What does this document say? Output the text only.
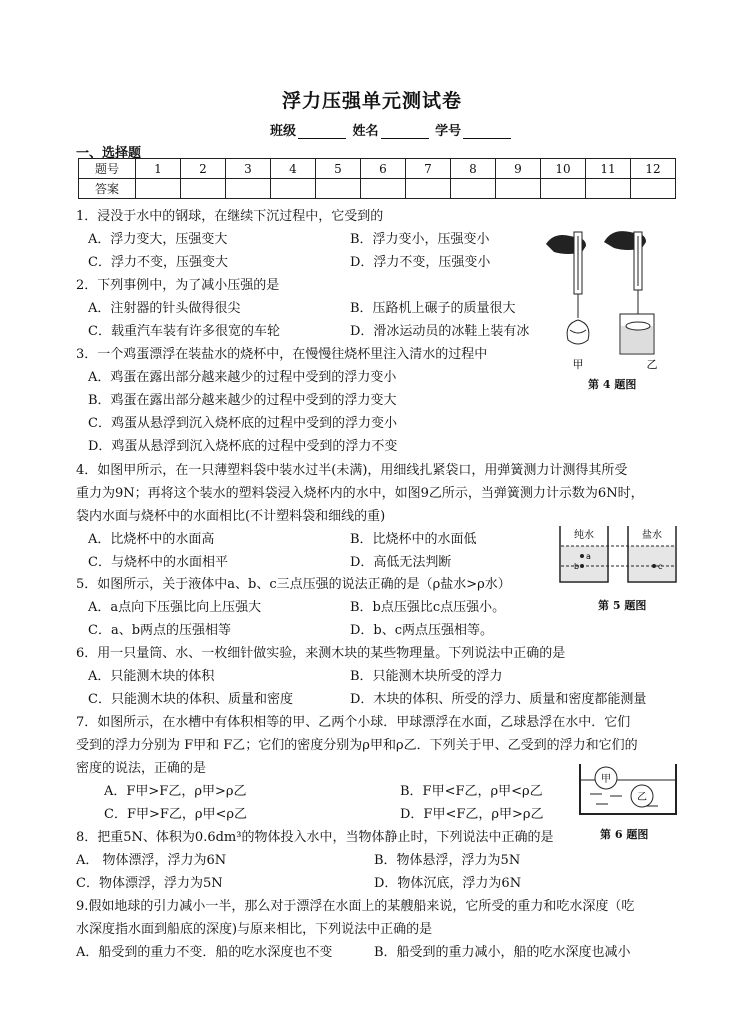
浮力压强单元测试卷
班级	姓名	学号
一、选择题
题号	1	2	3	4	5	6	7	8	9	10	11	12
答案												
1．浸没于水中的钢球，在继续下沉过程中，它受到的
A．浮力变大，压强变大	B．浮力变小，压强变小
C．浮力不变，压强变大	D．浮力不变，压强变小
2．下列事例中，为了减小压强的是
A．注射器的针头做得很尖	B．压路机上碾子的质量很大
C．载重汽车装有许多很宽的车轮	D．滑冰运动员的冰鞋上装有冰
3．一个鸡蛋漂浮在装盐水的烧杯中，在慢慢往烧杯里注入清水的过程中
A．鸡蛋在露出部分越来越少的过程中受到的浮力变小
B．鸡蛋在露出部分越来越少的过程中受到的浮力变大
C．鸡蛋从悬浮到沉入烧杯底的过程中受到的浮力变小
D．鸡蛋从悬浮到沉入烧杯底的过程中受到的浮力不变
甲	乙
第 4 题图
4．如图甲所示，在一只薄塑料袋中装水过半(未满)，用细线扎紧袋口，用弹簧测力计测得其所受
重力为9N；再将这个装水的塑料袋浸入烧杯内的水中，如图9乙所示，当弹簧测力计示数为6N时，
袋内水面与烧杯中的水面相比(不计塑料袋和细线的重)
A．比烧杯中的水面高	B．比烧杯中的水面低
C．与烧杯中的水面相平	D．高低无法判断	a
b	c
纯水	盐水
第 5 题图
5．如图所示，关于液体中a、b、c三点压强的说法正确的是（ρ盐水>ρ水）
A．a点向下压强比向上压强大	B．b点压强比c点压强小。
C．a、b两点的压强相等	D．b、c两点压强相等。
6．用一只量筒、水、一枚细针做实验，来测木块的某些物理量。下列说法中正确的是
A．只能测木块的体积	B．只能测木块所受的浮力
C．只能测木块的体积、质量和密度	D．木块的体积、所受的浮力、质量和密度都能测量
7．如图所示，在水槽中有体积相等的甲、乙两个小球．甲球漂浮在水面，乙球悬浮在水中．它们
受到的浮力分别为 F甲和 F乙；它们的密度分别为ρ甲和ρ乙．下列关于甲、乙受到的浮力和它们的
密度的说法，正确的是
A．F甲>F乙，ρ甲>ρ乙	B．F甲<F乙，ρ甲<ρ乙
C．F甲>F乙，ρ甲<ρ乙	D．F甲<F乙，ρ甲>ρ乙
甲
乙
第 6 题图
8．把重5N、体积为0.6dm³的物体投入水中，当物体静止时，下列说法中正确的是
A． 物体漂浮，浮力为6N	B．物体悬浮，浮力为5N
C．物体漂浮，浮力为5N	D．物体沉底，浮力为6N
9.假如地球的引力减小一半，那么对于漂浮在水面上的某艘船来说，它所受的重力和吃水深度（吃
水深度指水面到船底的深度)与原来相比，下列说法中正确的是
A．船受到的重力不变．船的吃水深度也不变	B．船受到的重力减小，船的吃水深度也减小
